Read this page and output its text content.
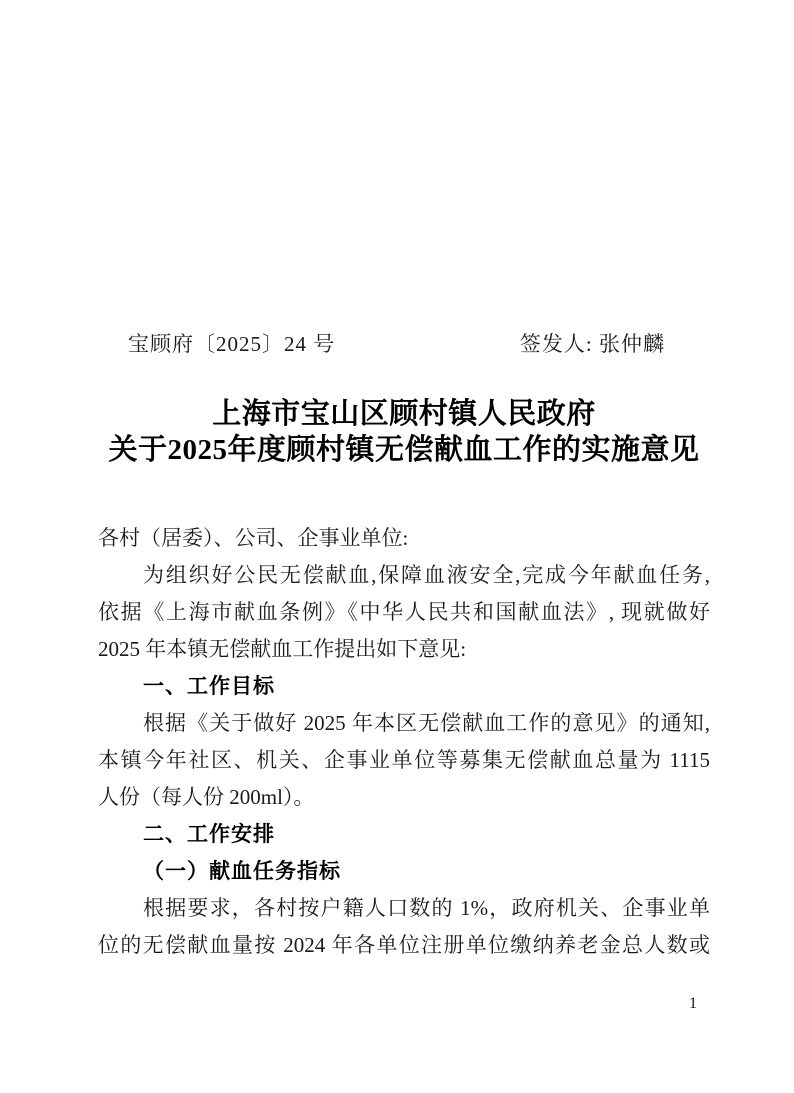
宝顾府〔2025〕24 号	签发人: 张仲麟
上海市宝山区顾村镇人民政府
关于2025年度顾村镇无偿献血工作的实施意见
各村（居委）、公司、企事业单位:
为组织好公民无偿献血,保障血液安全,完成今年献血任务,
依据《上海市献血条例》《中华人民共和国献血法》, 现就做好
2025 年本镇无偿献血工作提出如下意见:
一、工作目标
根据《关于做好 2025 年本区无偿献血工作的意见》的通知,
本镇今年社区、机关、企事业单位等募集无偿献血总量为 1115
人份（每人份 200ml）。
二、工作安排
（一）献血任务指标
根据要求，各村按户籍人口数的 1%，政府机关、企事业单
位的无偿献血量按 2024 年各单位注册单位缴纳养老金总人数或
1
